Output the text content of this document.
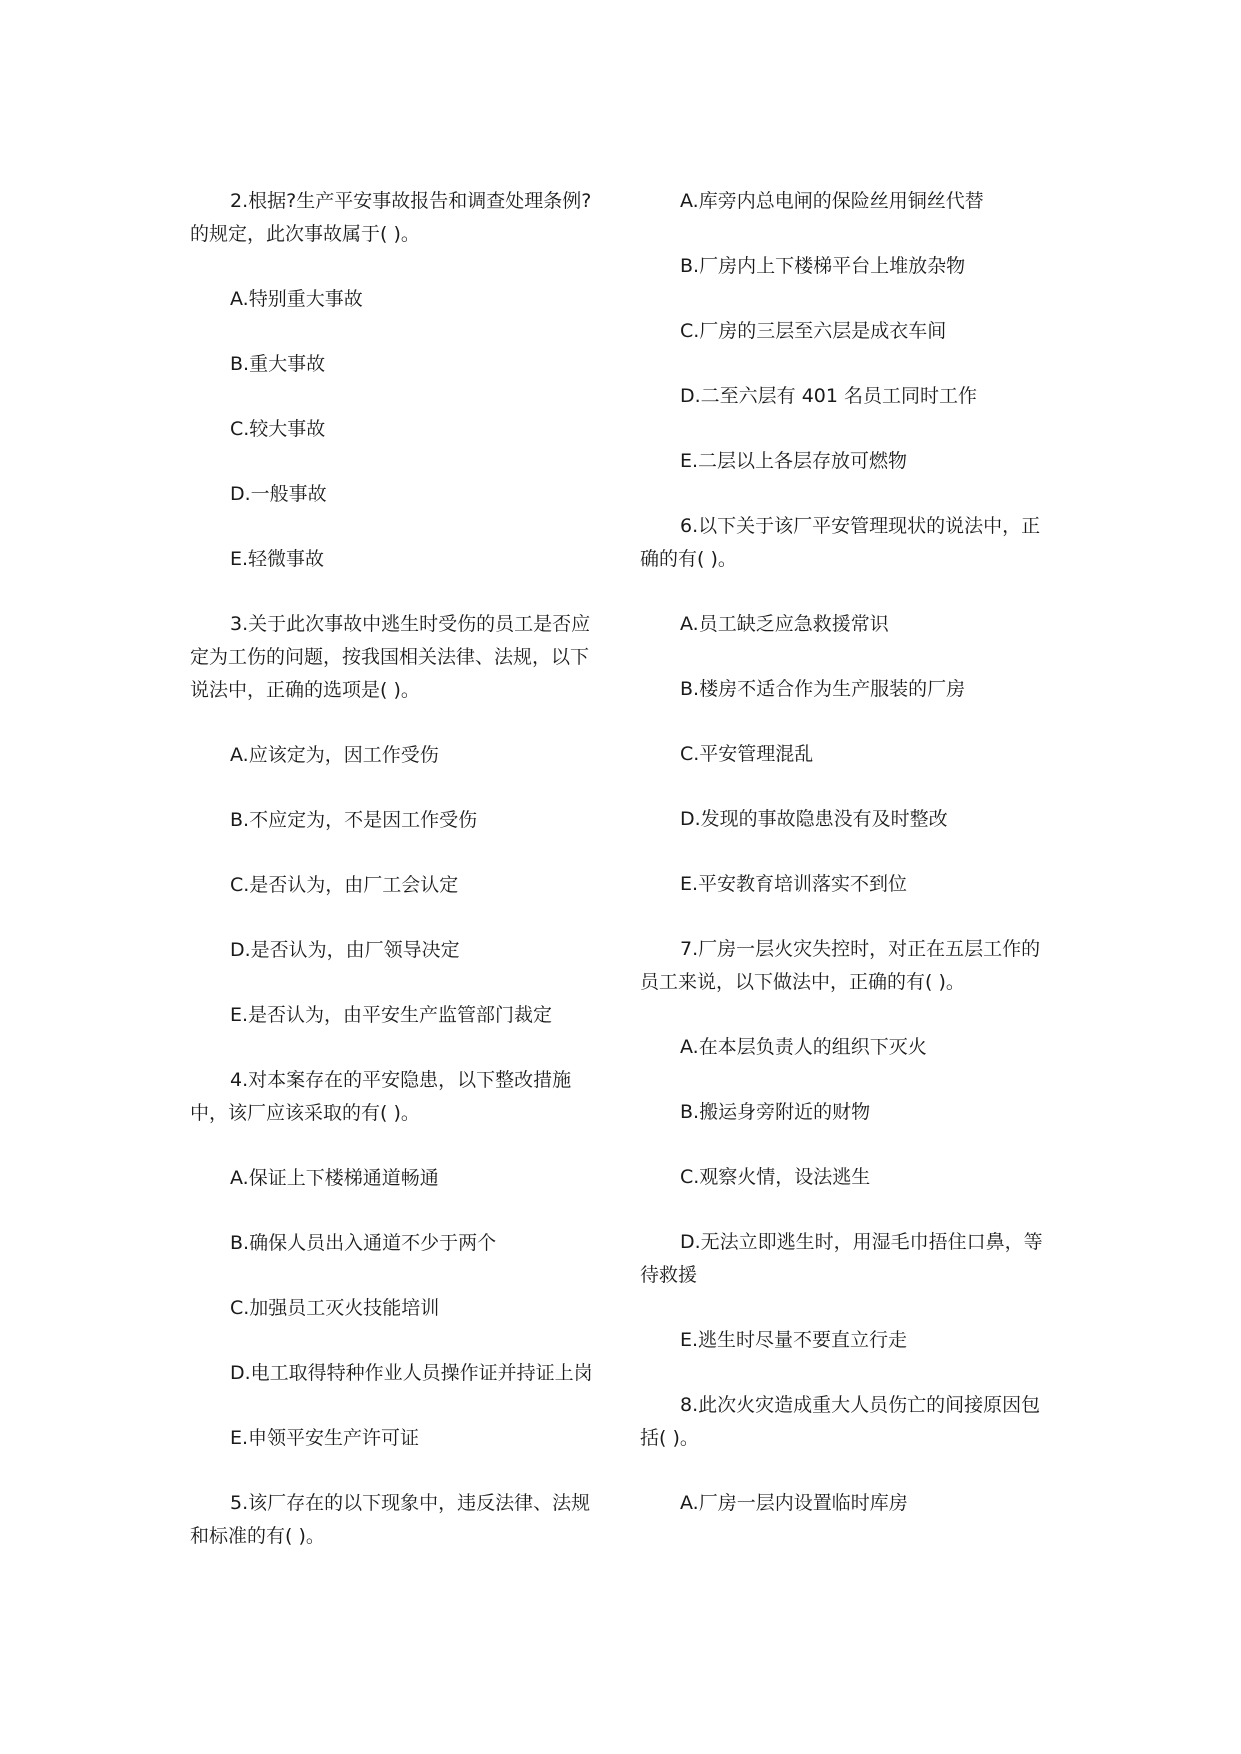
2.根据?生产平安事故报告和调查处理条例?的规定，此次事故属于( )。

A.特别重大事故

B.重大事故

C.较大事故

D.一般事故

E.轻微事故

3.关于此次事故中逃生时受伤的员工是否应定为工伤的问题，按我国相关法律、法规，以下说法中，正确的选项是( )。

A.应该定为，因工作受伤

B.不应定为，不是因工作受伤

C.是否认为，由厂工会认定

D.是否认为，由厂领导决定

E.是否认为，由平安生产监管部门裁定

4.对本案存在的平安隐患，以下整改措施中，该厂应该采取的有( )。

A.保证上下楼梯通道畅通

B.确保人员出入通道不少于两个

C.加强员工灭火技能培训

D.电工取得特种作业人员操作证并持证上岗

E.申领平安生产许可证

5.该厂存在的以下现象中，违反法律、法规和标准的有( )。

A.库旁内总电闸的保险丝用铜丝代替

B.厂房内上下楼梯平台上堆放杂物

C.厂房的三层至六层是成衣车间

D.二至六层有 401 名员工同时工作

E.二层以上各层存放可燃物

6.以下关于该厂平安管理现状的说法中，正确的有( )。

A.员工缺乏应急救援常识

B.楼房不适合作为生产服装的厂房

C.平安管理混乱

D.发现的事故隐患没有及时整改

E.平安教育培训落实不到位

7.厂房一层火灾失控时，对正在五层工作的员工来说，以下做法中，正确的有( )。

A.在本层负责人的组织下灭火

B.搬运身旁附近的财物

C.观察火情，设法逃生

D.无法立即逃生时，用湿毛巾捂住口鼻，等待救援

E.逃生时尽量不要直立行走

8.此次火灾造成重大人员伤亡的间接原因包括( )。

A.厂房一层内设置临时库房
